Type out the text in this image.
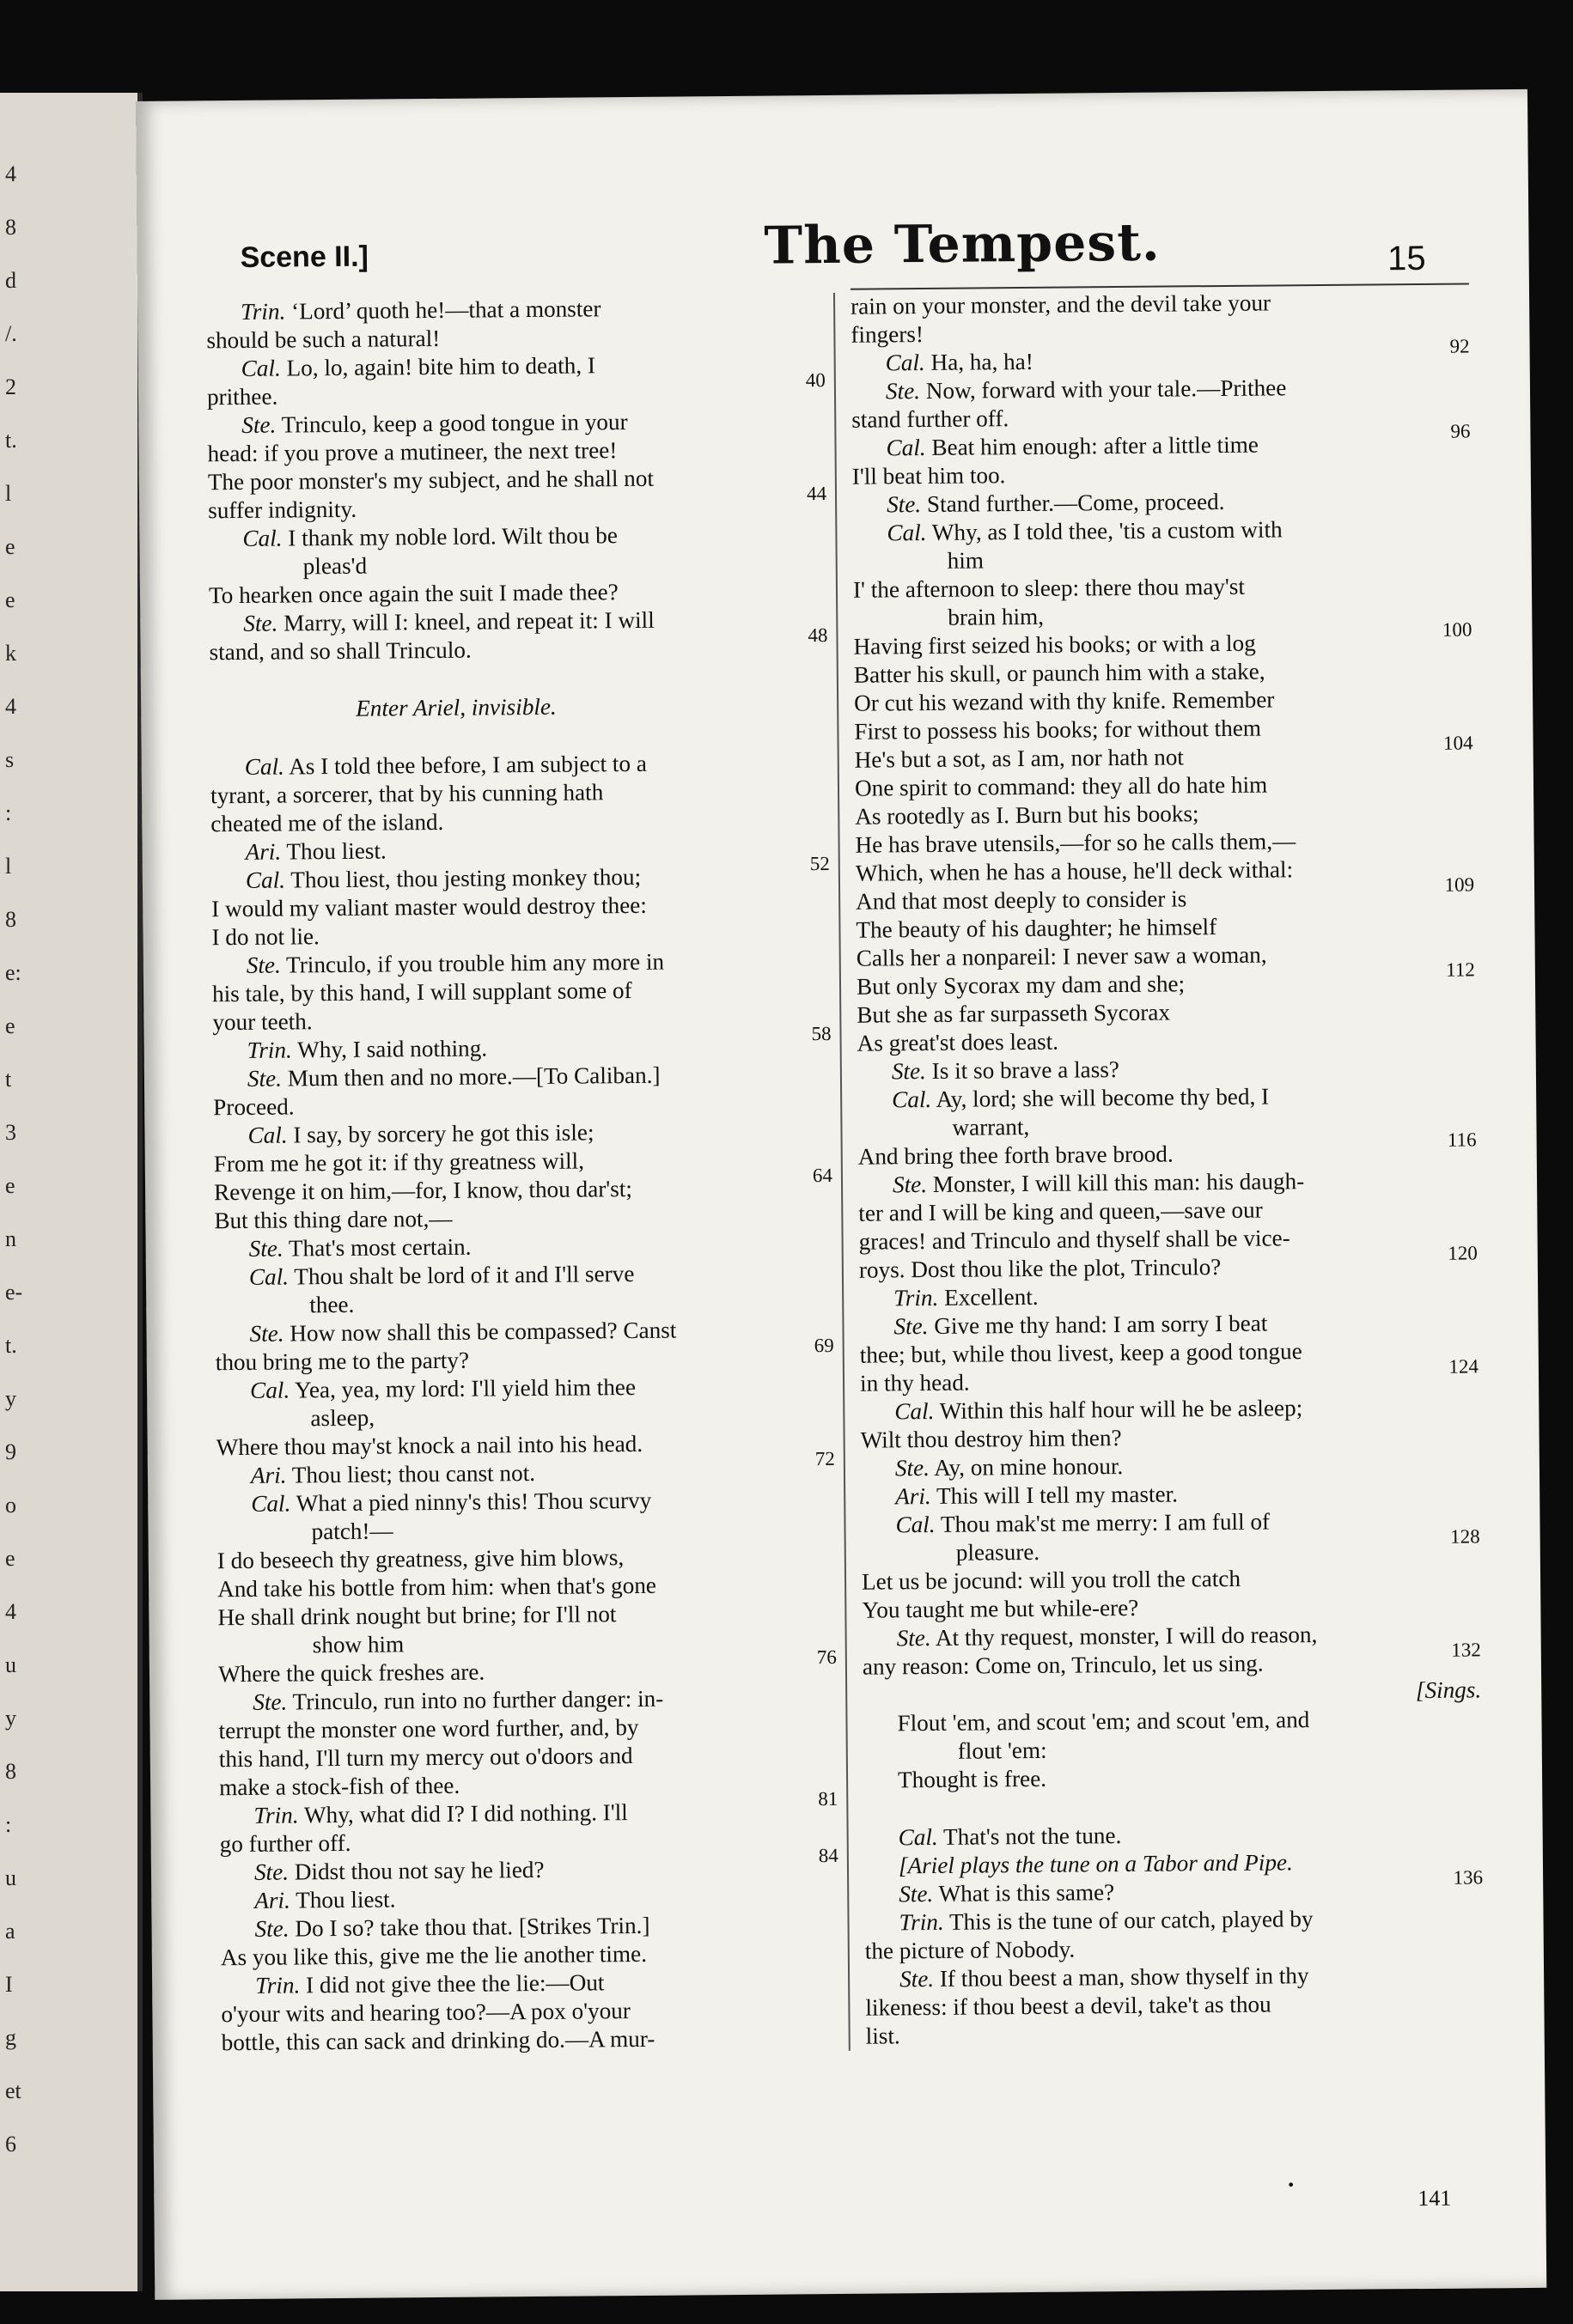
4
8
d
/.
2
t.
l
e
e
k
4
s
:
l
8
e:
e
t
3
e
n
e-
t.
y
9
o
e
4
u
y
8
:
u
a
I
g
et
6
Scene II.]	The Tempest.	15
Trin. ‘Lord’ quoth he!—that a monster
should be such a natural!
Cal. Lo, lo, again! bite him to death, I
prithee.
40
Ste. Trinculo, keep a good tongue in your
head: if you prove a mutineer, the next tree!
The poor monster's my subject, and he shall not
suffer indignity.
44
Cal. I thank my noble lord. Wilt thou be
pleas'd
To hearken once again the suit I made thee?
Ste. Marry, will I: kneel, and repeat it: I will
stand, and so shall Trinculo.
48
Enter Ariel, invisible.
Cal. As I told thee before, I am subject to a
tyrant, a sorcerer, that by his cunning hath
cheated me of the island.
Ari. Thou liest.
Cal. Thou liest, thou jesting monkey thou;
52
I would my valiant master would destroy thee:
I do not lie.
Ste. Trinculo, if you trouble him any more in
his tale, by this hand, I will supplant some of
your teeth.
Trin. Why, I said nothing.
58
Ste. Mum then and no more.—[To Caliban.]
Proceed.
Cal. I say, by sorcery he got this isle;
From me he got it: if thy greatness will,
Revenge it on him,—for, I know, thou dar'st;
64
But this thing dare not,—
Ste. That's most certain.
Cal. Thou shalt be lord of it and I'll serve
thee.
Ste. How now shall this be compassed? Canst
thou bring me to the party?
69
Cal. Yea, yea, my lord: I'll yield him thee
asleep,
Where thou may'st knock a nail into his head.
Ari. Thou liest; thou canst not.
72
Cal. What a pied ninny's this! Thou scurvy
patch!—
I do beseech thy greatness, give him blows,
And take his bottle from him: when that's gone
He shall drink nought but brine; for I'll not
show him
Where the quick freshes are.
76
Ste. Trinculo, run into no further danger: in-
terrupt the monster one word further, and, by
this hand, I'll turn my mercy out o'doors and
make a stock-fish of thee.
Trin. Why, what did I? I did nothing. I'll
81
go further off.
Ste. Didst thou not say he lied?
84
Ari. Thou liest.
Ste. Do I so? take thou that. [Strikes Trin.]
As you like this, give me the lie another time.
Trin. I did not give thee the lie:—Out
o'your wits and hearing too?—A pox o'your
bottle, this can sack and drinking do.—A mur-
rain on your monster, and the devil take your
fingers!
Cal. Ha, ha, ha!
92
Ste. Now, forward with your tale.—Prithee
stand further off.
Cal. Beat him enough: after a little time
96
I'll beat him too.
Ste. Stand further.—Come, proceed.
Cal. Why, as I told thee, 'tis a custom with
him
I' the afternoon to sleep: there thou may'st
brain him,
Having first seized his books; or with a log
100
Batter his skull, or paunch him with a stake,
Or cut his wezand with thy knife. Remember
First to possess his books; for without them
He's but a sot, as I am, nor hath not
104
One spirit to command: they all do hate him
As rootedly as I. Burn but his books;
He has brave utensils,—for so he calls them,—
Which, when he has a house, he'll deck withal:
And that most deeply to consider is
109
The beauty of his daughter; he himself
Calls her a nonpareil: I never saw a woman,
But only Sycorax my dam and she;
112
But she as far surpasseth Sycorax
As great'st does least.
Ste. Is it so brave a lass?
Cal. Ay, lord; she will become thy bed, I
warrant,
And bring thee forth brave brood.
116
Ste. Monster, I will kill this man: his daugh-
ter and I will be king and queen,—save our
graces! and Trinculo and thyself shall be vice-
roys. Dost thou like the plot, Trinculo?
120
Trin. Excellent.
Ste. Give me thy hand: I am sorry I beat
thee; but, while thou livest, keep a good tongue
in thy head.
124
Cal. Within this half hour will he be asleep;
Wilt thou destroy him then?
Ste. Ay, on mine honour.
Ari. This will I tell my master.
Cal. Thou mak'st me merry: I am full of
pleasure.
128
Let us be jocund: will you troll the catch
You taught me but while-ere?
Ste. At thy request, monster, I will do reason,
any reason: Come on, Trinculo, let us sing.
132
[Sings.
Flout 'em, and scout 'em; and scout 'em, and
flout 'em:
Thought is free.
Cal. That's not the tune.
[Ariel plays the tune on a Tabor and Pipe.
Ste. What is this same?
136
Trin. This is the tune of our catch, played by
the picture of Nobody.
Ste. If thou beest a man, show thyself in thy
likeness: if thou beest a devil, take't as thou
list.
•
141
